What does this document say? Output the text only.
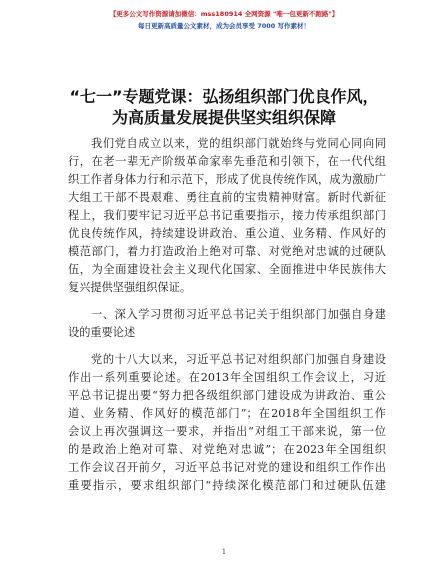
【更多公文写作资源请加微信：mss180914 全网资源 "唯一包更新不跑路"】
每日更新高质量公文素材，成为会员享受 7000 写作素材！
“七一”专题党课：弘扬组织部门优良作风，
为高质量发展提供坚实组织保障
我们党自成立以来，党的组织部门就始终与党同心同向同
行，在老一辈无产阶级革命家率先垂范和引领下，在一代代组
织工作者身体力行和示范下，形成了优良传统作风，成为激励广
大组工干部不畏艰难、勇往直前的宝贵精神财富。新时代新征
程上，我们要牢记习近平总书记重要指示，接力传承组织部门
优良传统作风，持续建设讲政治、重公道、业务精、作风好的
模范部门，着力打造政治上绝对可靠、对党绝对忠诚的过硬队
伍，为全面建设社会主义现代化国家、全面推进中华民族伟大
复兴提供坚强组织保证。
一、深入学习贯彻习近平总书记关于组织部门加强自身建
设的重要论述
党的十八大以来，习近平总书记对组织部门加强自身建设
作出一系列重要论述。在2013年全国组织工作会议上，习近
平总书记提出要“努力把各级组织部门建设成为讲政治、重公
道、业务精、作风好的模范部门”；在2018年全国组织工作
会议上再次强调这一要求，并指出“对组工干部来说，第一位
的是政治上绝对可靠、对党绝对忠诚”；在2023年全国组织
工作会议召开前夕，习近平总书记对党的建设和组织工作作出
重要指示，要求组织部门“持续深化模范部门和过硬队伍建
1
